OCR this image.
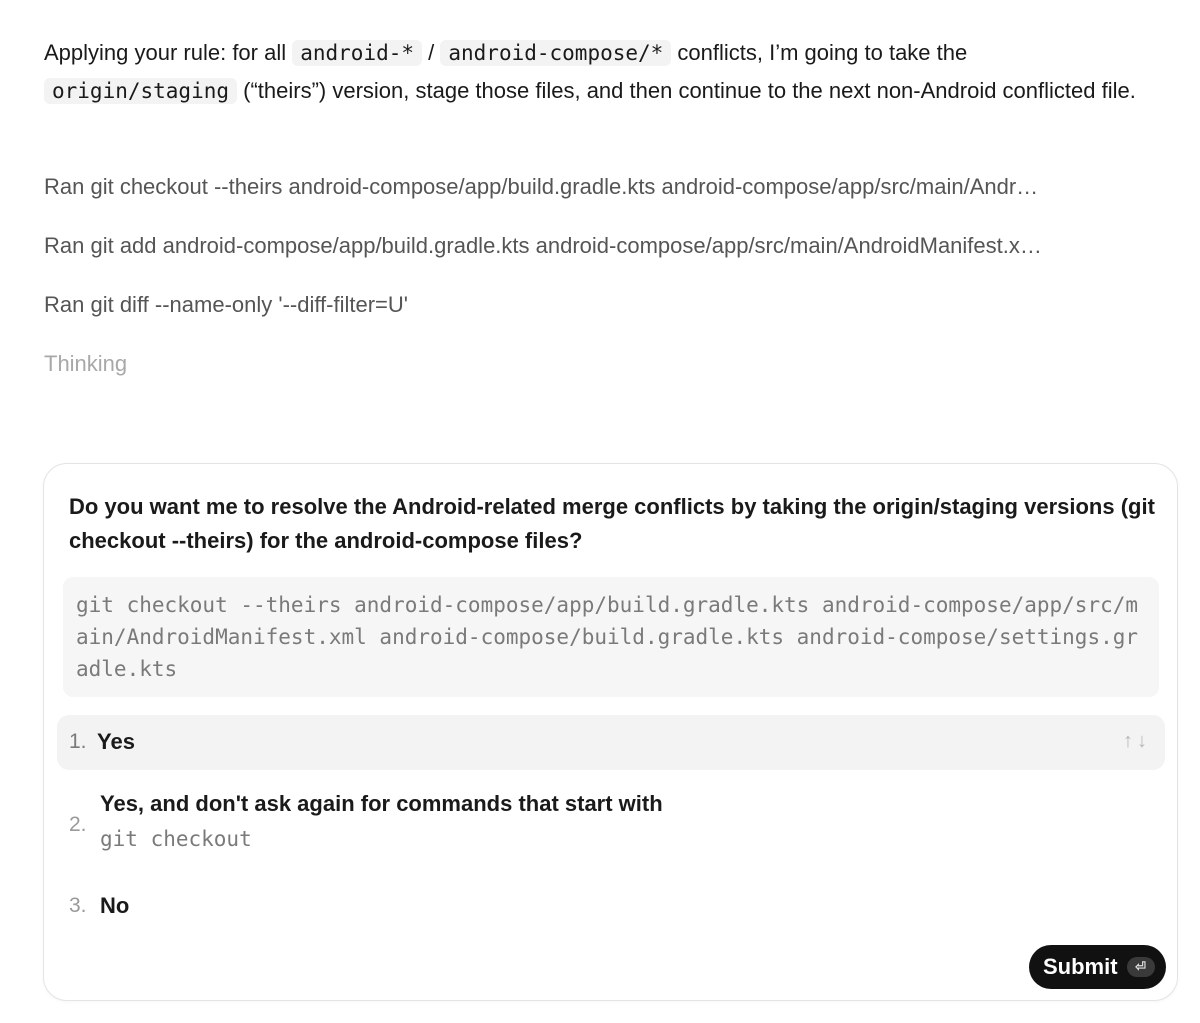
Applying your rule: for all android-* / android-compose/* conflicts, I’m going to take the origin/staging (“theirs”) version, stage those files, and then continue to the next non-Android conflicted file.

Ran git checkout --theirs android-compose/app/build.gradle.kts android-compose/app/src/main/Andr…
Ran git add android-compose/app/build.gradle.kts android-compose/app/src/main/AndroidManifest.x…
Ran git diff --name-only '--diff-filter=U'
Thinking
Do you want me to resolve the Android-related merge conflicts by taking the origin/staging versions (git checkout --theirs) for the android-compose files?
git checkout --theirs android-compose/app/build.gradle.kts android-compose/app/src/main/AndroidManifest.xml android-compose/build.gradle.kts android-compose/settings.gradle.kts
1. Yes	↑↓
2.
Yes, and don't ask again for commands that start with
git checkout
3. No
Submit	⏎
